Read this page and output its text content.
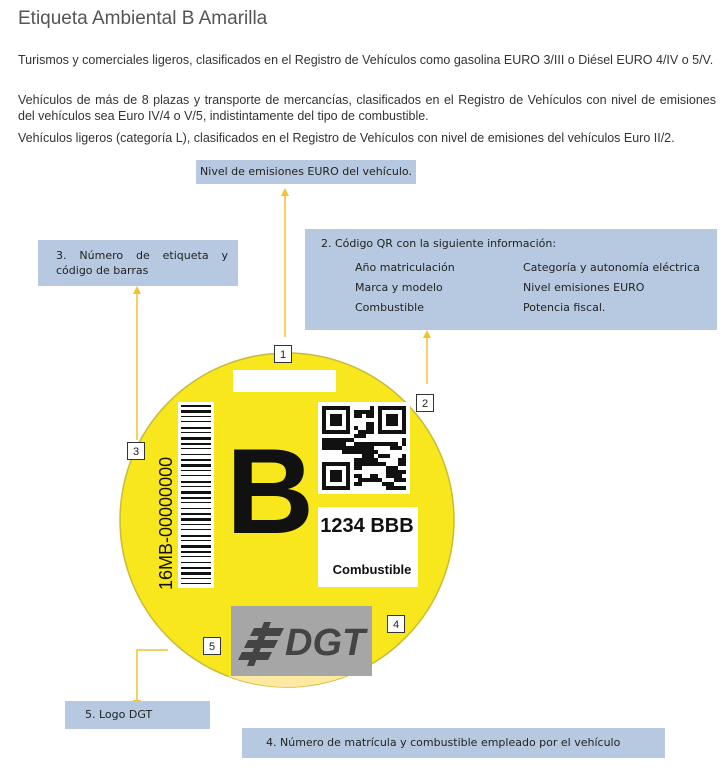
Etiqueta Ambiental B Amarilla
Turismos y comerciales ligeros, clasificados en el Registro de Vehículos como gasolina EURO 3/III o Diésel EURO 4/IV o 5/V.
Vehículos de más de 8 plazas y transporte de mercancías, clasificados en el Registro de Vehículos con nivel de emisiones del vehículos sea Euro IV/4 o V/5, indistintamente del tipo de combustible.
Vehículos ligeros (categoría L), clasificados en el Registro de Vehículos con nivel de emisiones del vehículos Euro II/2.
DGT
B
16MB-00000000	1234 BBB
Combustible
Nivel de emisiones EURO del vehículo.
3. Número de etiqueta y código de barras
2. Código QR con la siguiente información:
Año matriculación	Categoría y autonomía eléctrica
Marca y modelo	Nivel emisiones EURO
Combustible	Potencia fiscal.
5. Logo DGT
4. Número de matrícula y combustible empleado por el vehículo
1
2
3
4
5
